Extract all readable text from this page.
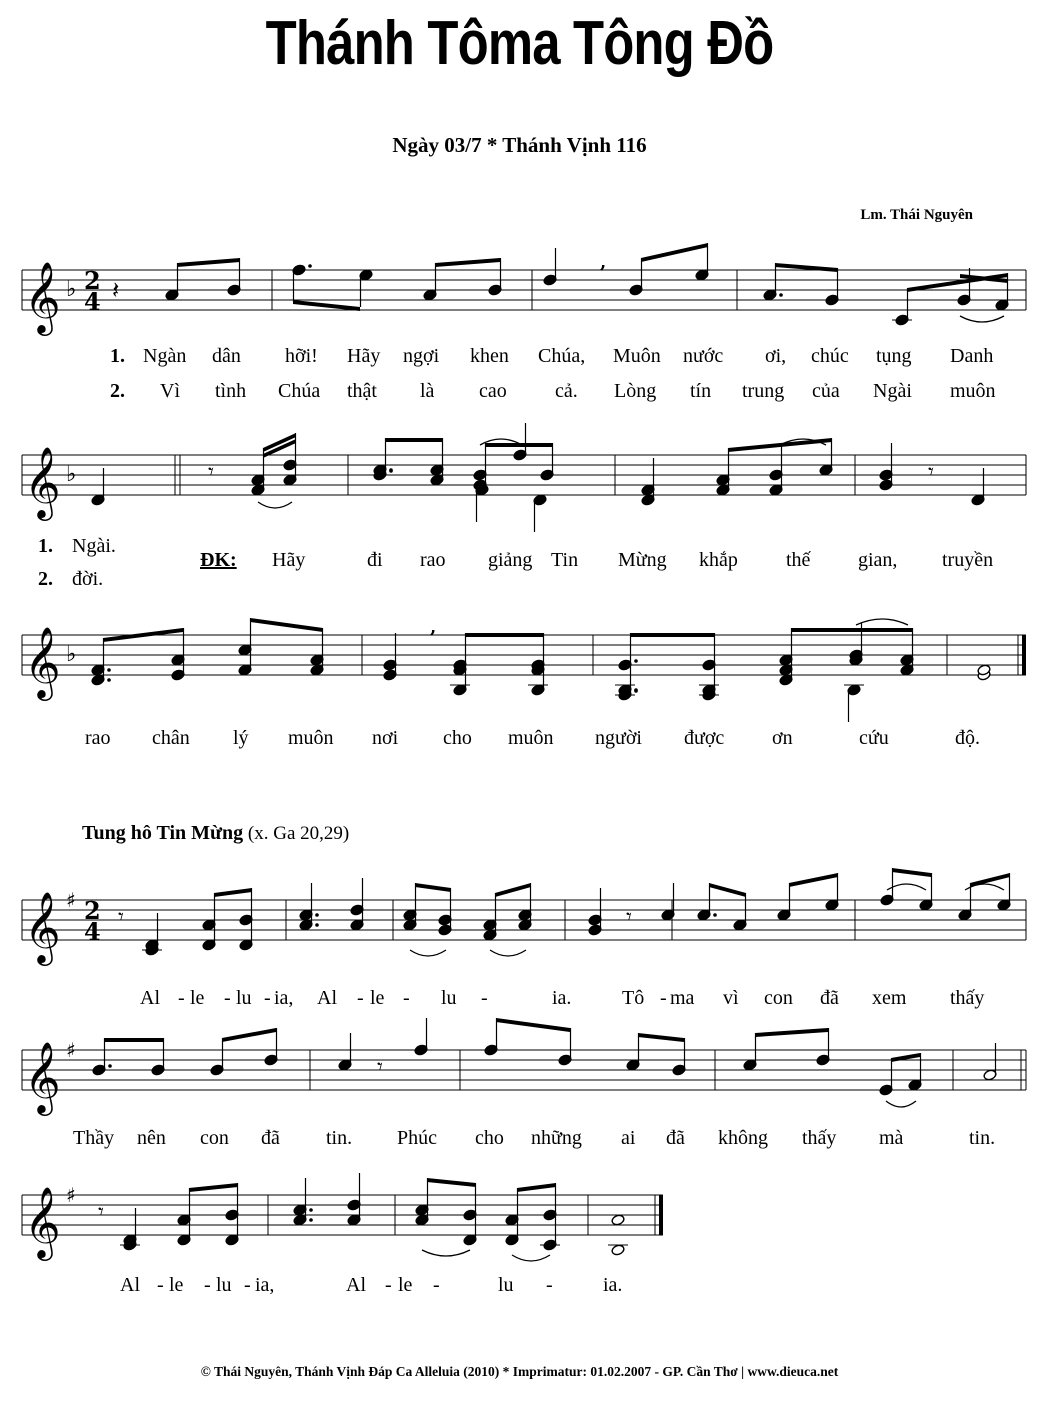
Thánh Tôma Tông Đồ
Ngày 03/7 * Thánh Vịnh 116
Lm. Thái Nguyên
𝄞 ♭ 2
4 𝄽
,
1.
2.
Ngàn dân hỡi! Hãy ngợi khen Chúa, Muôn nước ơi, chúc tụng Danh
Vì tình Chúa thật là cao cả. Lòng tín trung của Ngài muôn
𝄞 ♭	𝄾	𝄾
1. Ngài.
2. đời.
ĐK: Hãy	đi rao giảng Tin Mừng khắp thế gian, truyền
𝄞 ♭
,
rao chân lý muôn nơi cho muôn người được ơn	cứu	độ.
Tung hô Tin Mừng (x. Ga 20,29)
𝄞 ♯ 2
4 𝄾	𝄾
Al - le - lu - ia, Al - le - lu -	ia.	Tô - ma vì con đã xem thấy
𝄞 ♯
𝄾
Thầy nên con đã tin. Phúc cho những ai đã không thấy mà	tin.
𝄞 ♯
𝄾
Al - le - lu - ia,	Al - le -	lu -	ia.
© Thái Nguyên, Thánh Vịnh Đáp Ca Alleluia (2010) * Imprimatur: 01.02.2007 - GP. Cần Thơ | www.dieuca.net
